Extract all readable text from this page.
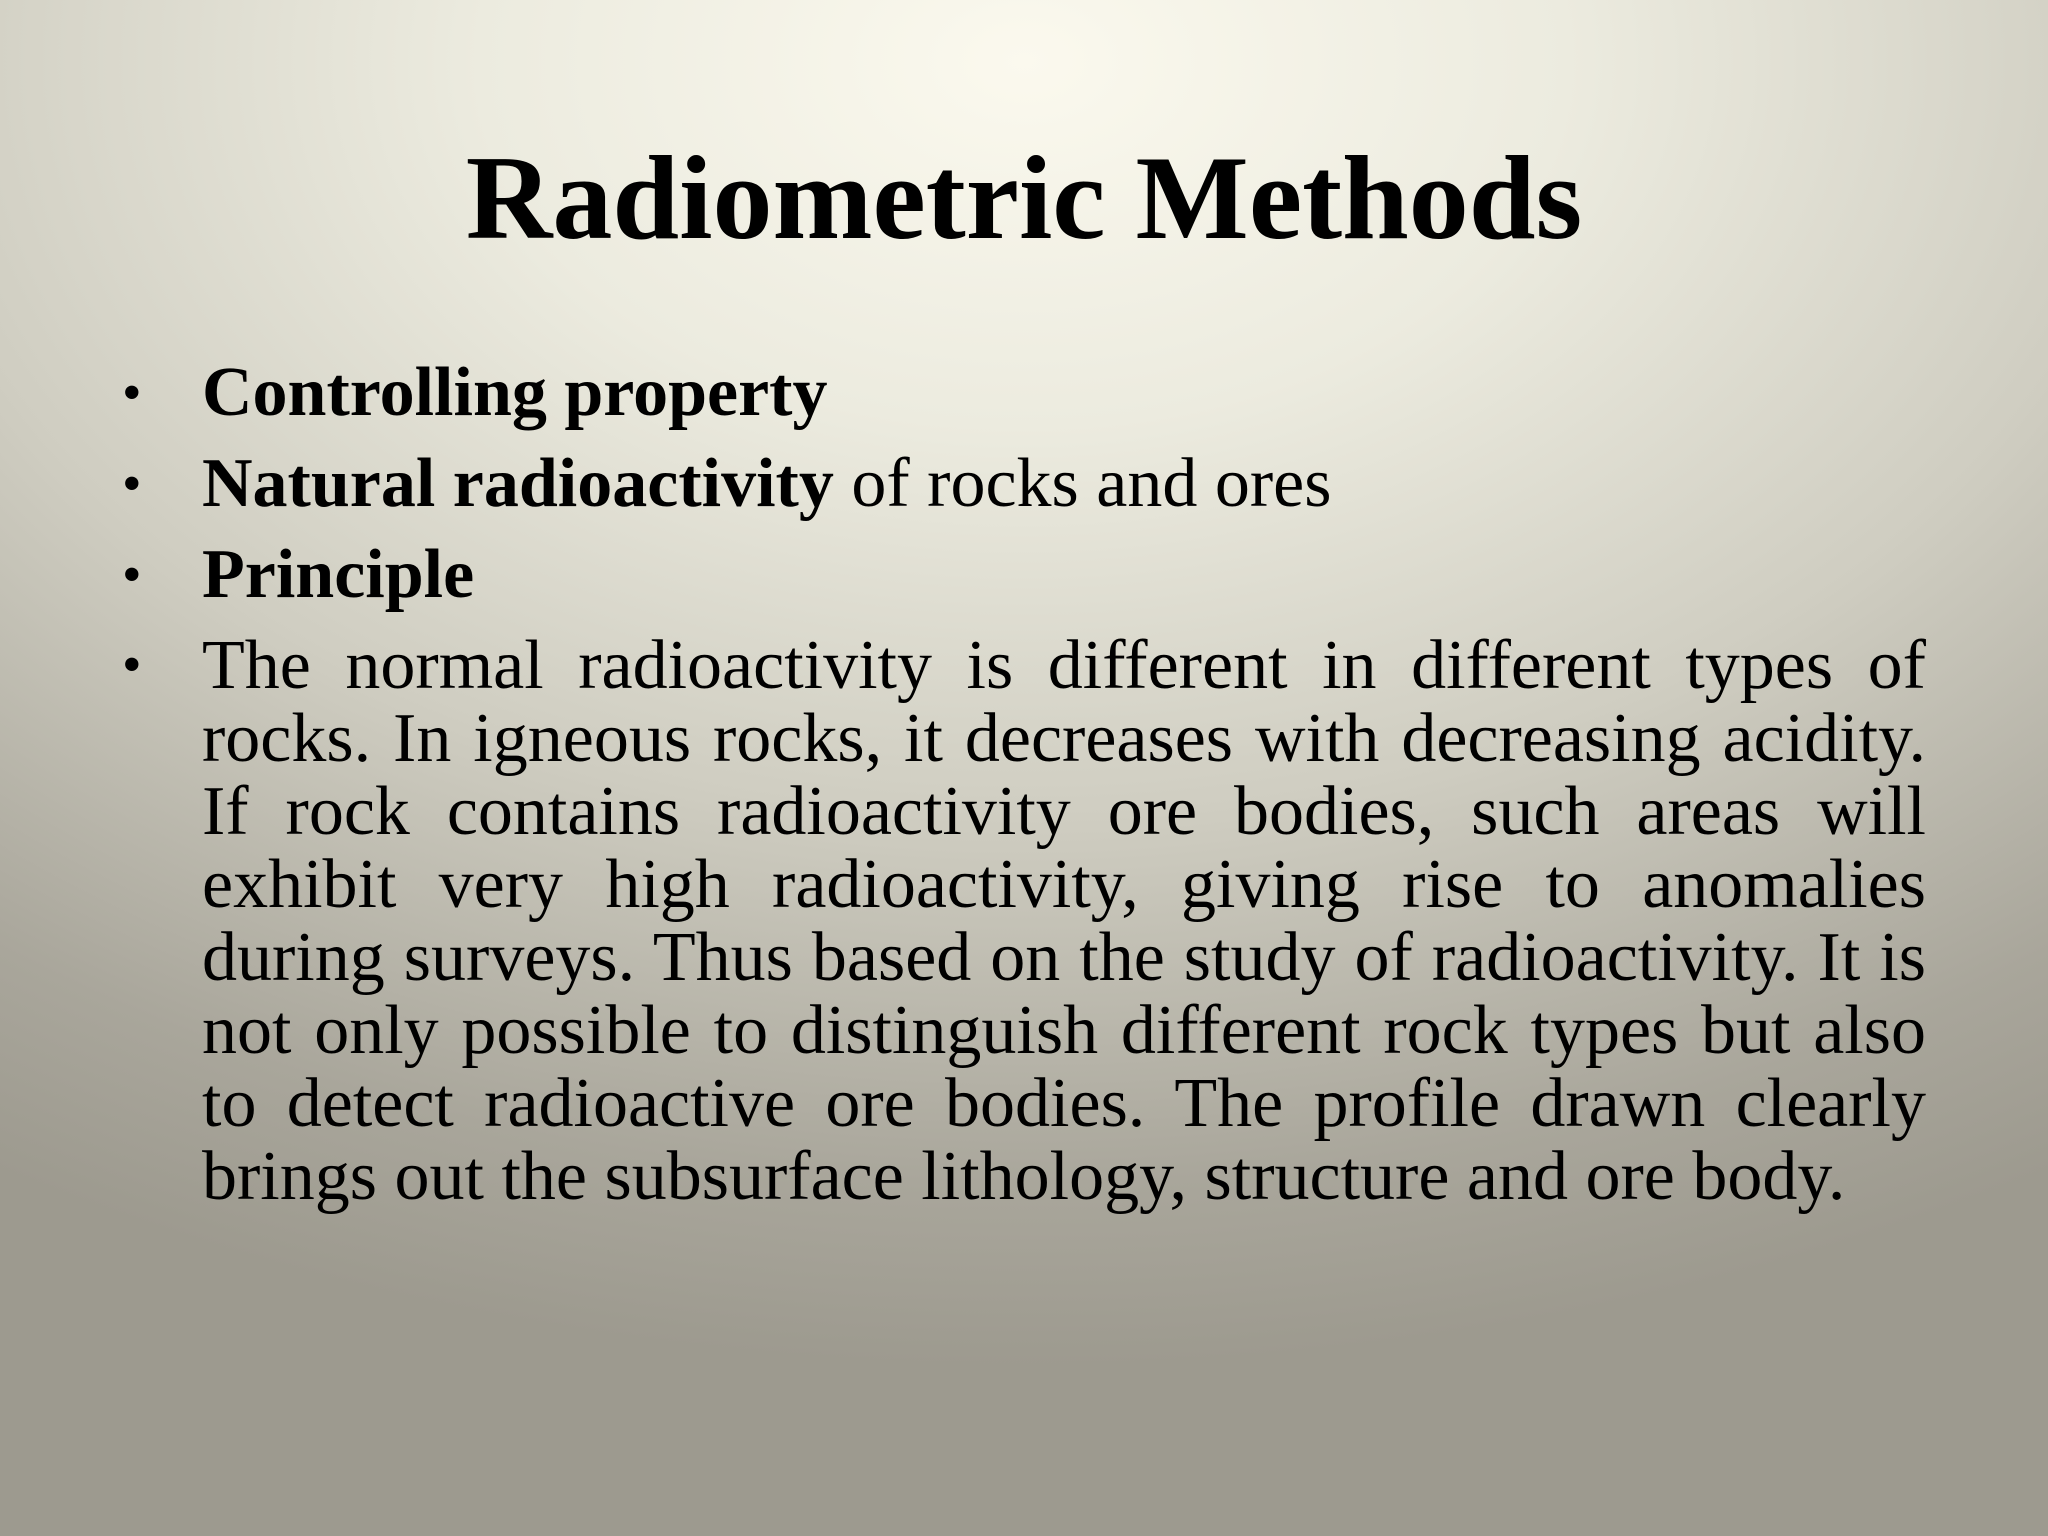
Radiometric Methods
• Controlling property
• Natural radioactivity of rocks and ores
• Principle
• The normal radioactivity is different in different types of rocks. In igneous rocks, it decreases with decreasing acidity. If rock contains radioactivity ore bodies, such areas will exhibit very high radioactivity, giving rise to anomalies during surveys. Thus based on the study of radioactivity. It is not only possible to distinguish different rock types but also to detect radioactive ore bodies. The profile drawn clearly brings out the subsurface lithology, structure and ore body.
